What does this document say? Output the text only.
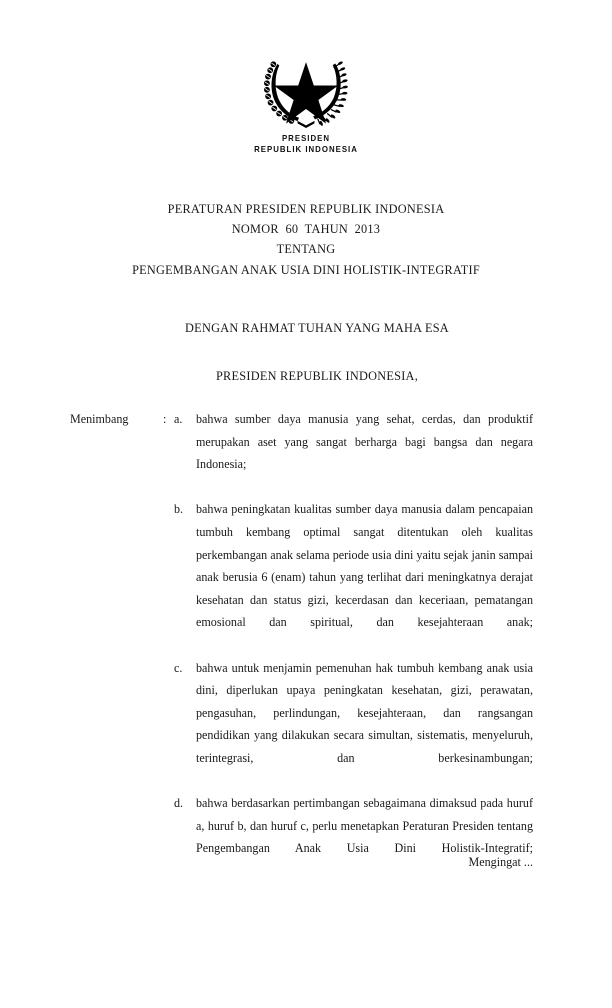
PRESIDEN
REPUBLIK INDONESIA
PERATURAN PRESIDEN REPUBLIK INDONESIA
NOMOR  60  TAHUN  2013
TENTANG
PENGEMBANGAN ANAK USIA DINI HOLISTIK-INTEGRATIF
DENGAN RAHMAT TUHAN YANG MAHA ESA
PRESIDEN REPUBLIK INDONESIA,
Menimbang	: a.	bahwa sumber daya manusia yang sehat, cerdas, dan produktif merupakan aset yang sangat berharga bagi bangsa dan negara Indonesia;
b.	bahwa peningkatan kualitas sumber daya manusia dalam pencapaian tumbuh kembang optimal sangat ditentukan oleh kualitas perkembangan anak selama periode usia dini yaitu sejak janin sampai anak berusia 6 (enam) tahun yang terlihat dari meningkatnya derajat kesehatan dan status gizi, kecerdasan dan keceriaan, pematangan emosional dan spiritual, dan kesejahteraan anak;
c.	bahwa untuk menjamin pemenuhan hak tumbuh kembang anak usia dini, diperlukan upaya peningkatan kesehatan, gizi, perawatan, pengasuhan, perlindungan, kesejahteraan, dan rangsangan pendidikan yang dilakukan secara simultan, sistematis, menyeluruh, terintegrasi, dan berkesinambungan;
d.	bahwa berdasarkan pertimbangan sebagaimana dimaksud pada huruf a, huruf b, dan huruf c, perlu menetapkan Peraturan Presiden tentang Pengembangan Anak Usia Dini Holistik-Integratif;
Mengingat ...
